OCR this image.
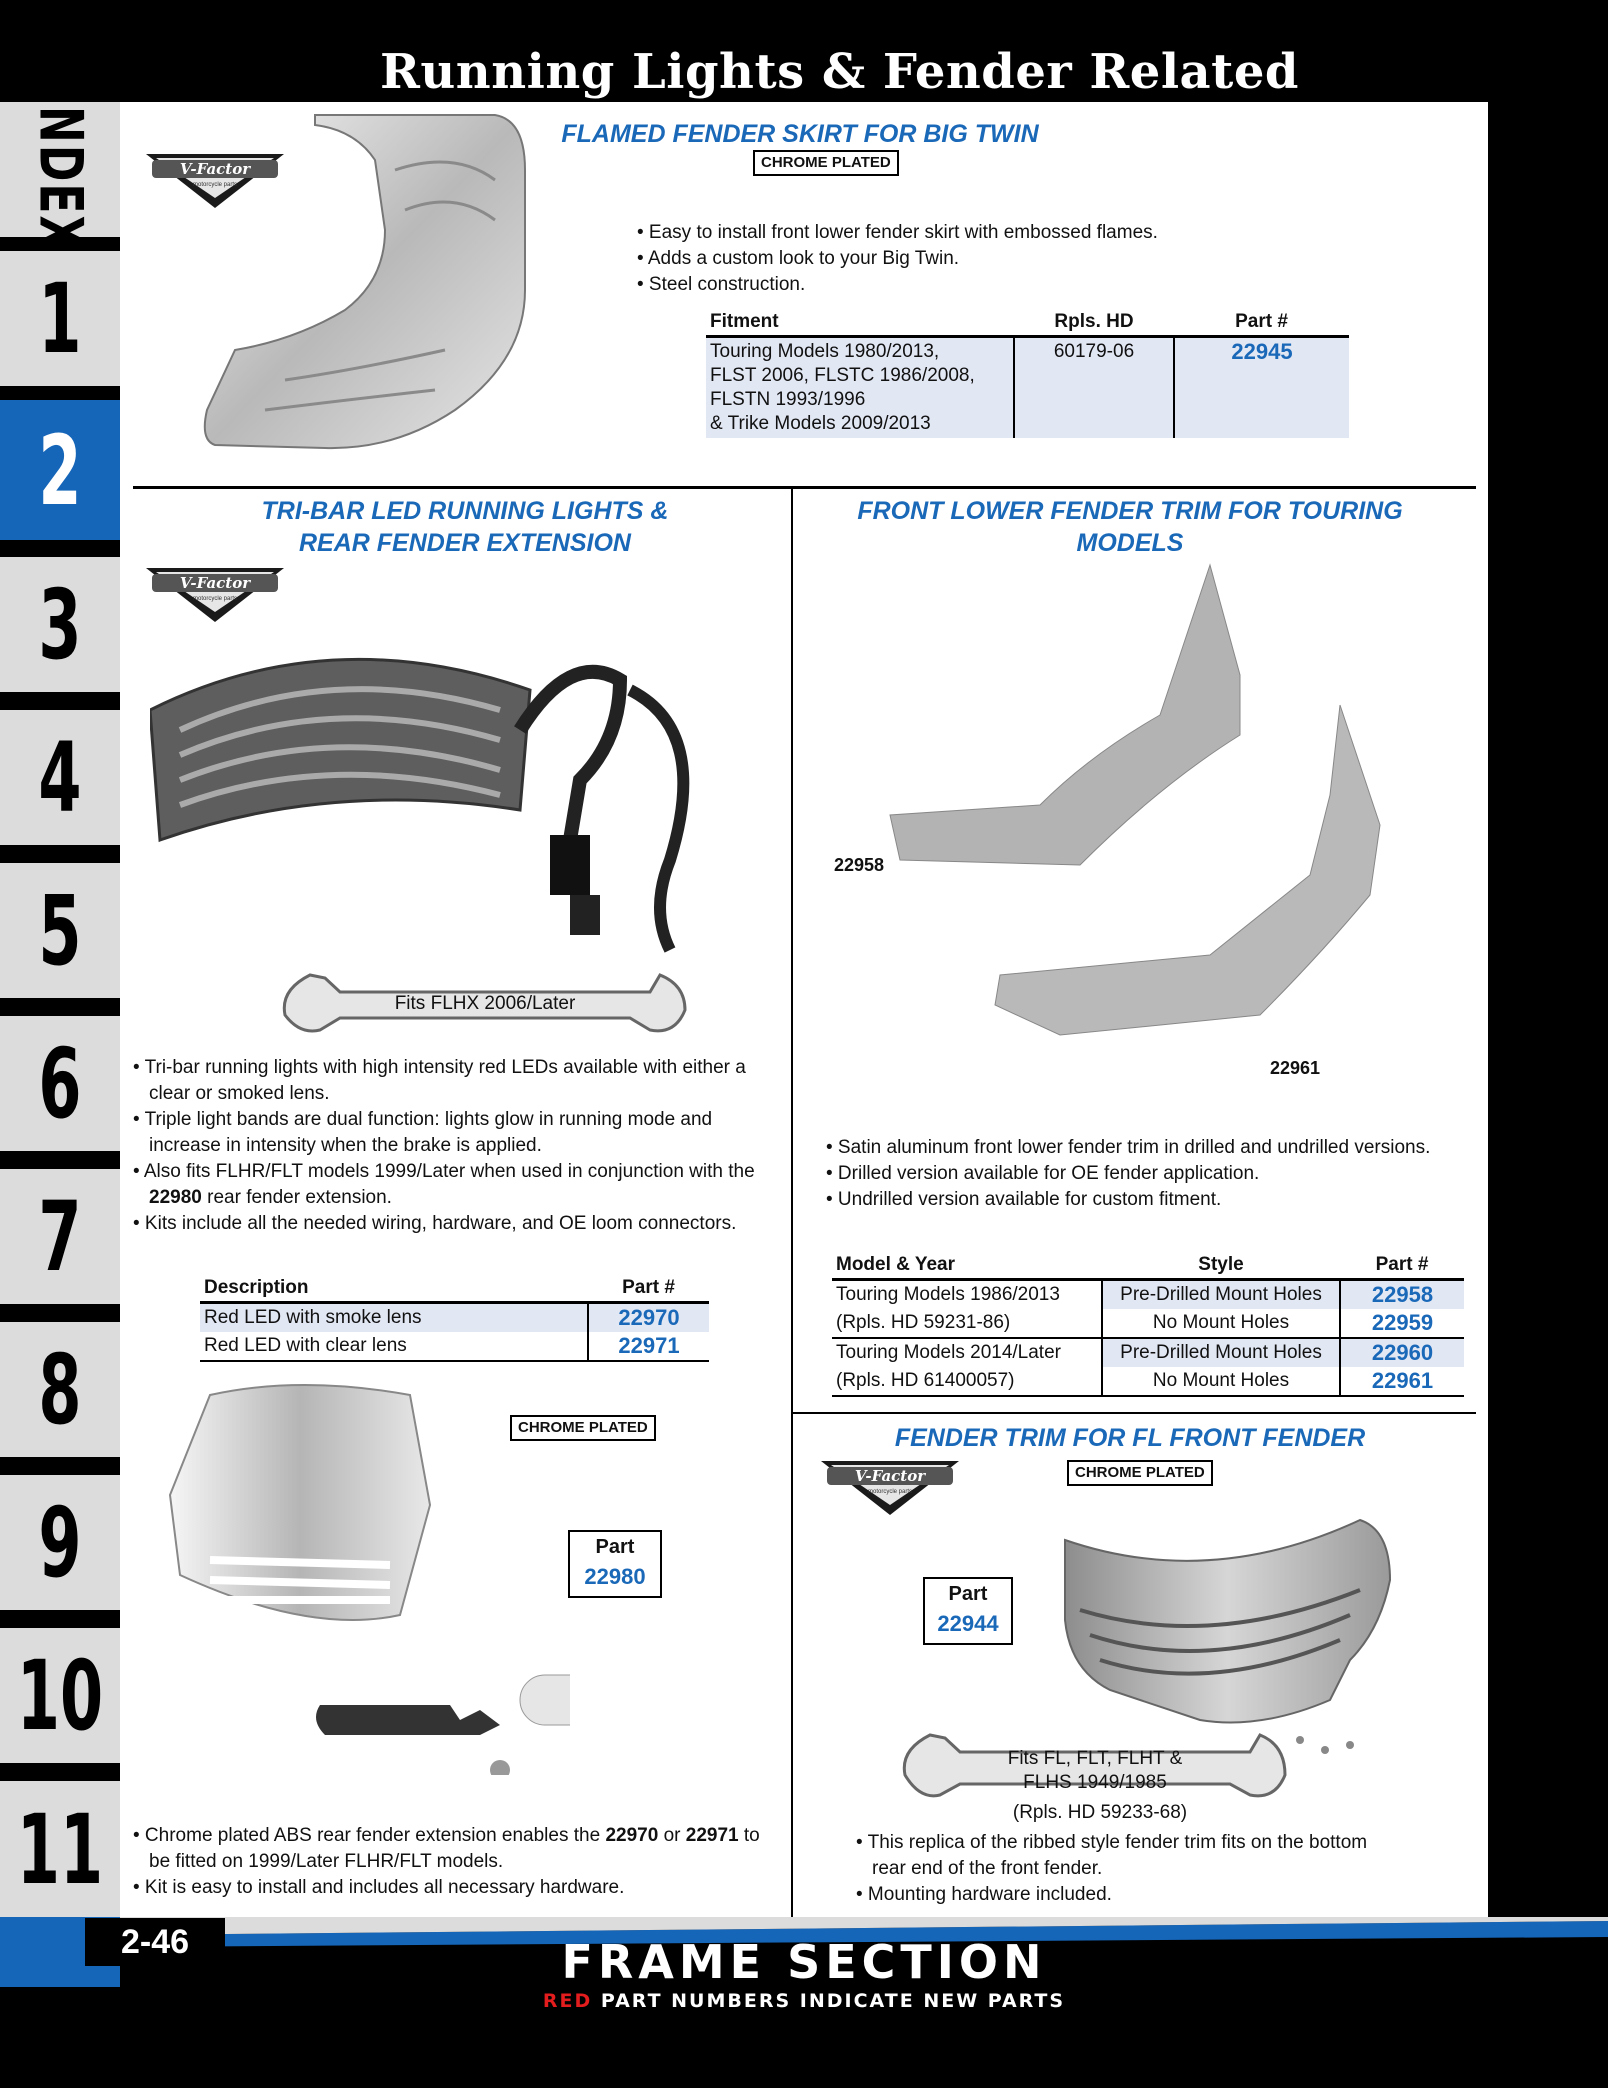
Running Lights & Fender Related
INDEX
1
2
3
4
5
6
7
8
9
10
11
V-Factor
motorcycle parts
FLAMED FENDER SKIRT FOR BIG TWIN
CHROME PLATED
• Easy to install front lower fender skirt with embossed flames.
• Adds a custom look to your Big Twin.
• Steel construction.
Fitment	Rpls. HD	Part #

Touring Models 1980/2013,
FLST 2006, FLSTC 1986/2008,
FLSTN 1993/1996
& Trike Models 2009/2013	60179-06	22945
TRI-BAR LED RUNNING LIGHTS &
REAR FENDER EXTENSION
V-Factor
motorcycle parts
Fits FLHX 2006/Later
• Tri-bar running lights with high intensity red LEDs available with either a clear or smoked lens.
• Triple light bands are dual function: lights glow in running mode and increase in intensity when the brake is applied.
• Also fits FLHR/FLT models 1999/Later when used in conjunction with the 22980 rear fender extension.
• Kits include all the needed wiring, hardware, and OE loom connectors.
Description	Part #
Red LED with smoke lens	22970
Red LED with clear lens	22971
CHROME PLATED
Part
22980
• Chrome plated ABS rear fender extension enables the 22970 or 22971 to be fitted on 1999/Later FLHR/FLT models.
• Kit is easy to install and includes all necessary hardware.
FRONT LOWER FENDER TRIM FOR TOURING
MODELS
22958
22961
• Satin aluminum front lower fender trim in drilled and undrilled versions.
• Drilled version available for OE fender application.
• Undrilled version available for custom fitment.
Model & Year	Style	Part #
Touring Models 1986/2013	Pre-Drilled Mount Holes	22958
(Rpls. HD 59231-86)	No Mount Holes	22959
Touring Models 2014/Later	Pre-Drilled Mount Holes	22960
(Rpls. HD 61400057)	No Mount Holes	22961
FENDER TRIM FOR FL FRONT FENDER
V-Factor
motorcycle parts
CHROME PLATED
Part
22944
Fits FL, FLT, FLHT &
FLHS 1949/1985
(Rpls. HD 59233-68)
• This replica of the ribbed style fender trim fits on the bottom rear end of the front fender.
• Mounting hardware included.
2-46	FRAME SECTION
RED PART NUMBERS INDICATE NEW PARTS
